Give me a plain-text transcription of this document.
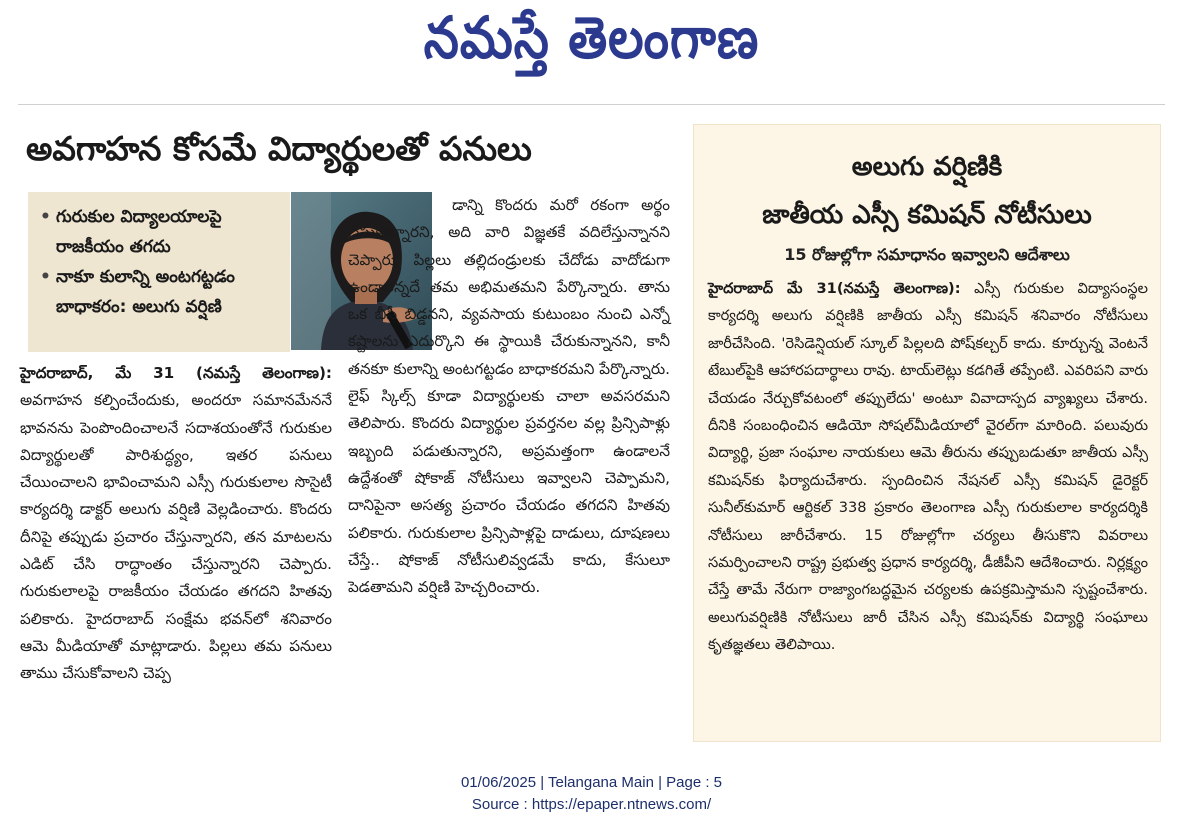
నమస్తే తెలంగాణ
అవగాహన కోసమే విద్యార్థులతో పనులు
• గురుకుల విద్యాలయాలపై రాజకీయం తగదు
• నాకూ కులాన్ని అంటగట్టడం బాధాకరం: అలుగు వర్షిణి

హైదరాబాద్, మే 31 (నమస్తే తెలంగాణ): అవగాహన కల్పించేందుకు, అందరూ సమానమేననే భావనను పెంపొందించాలనే సదాశయంతోనే గురుకుల విద్యార్థులతో పారిశుద్ధ్యం, ఇతర పనులు చేయించాలని భావించామని ఎస్సీ గురుకులాల సొసైటీ కార్యదర్శి డాక్టర్ అలుగు వర్షిణి వెల్లడించారు. కొందరు దీనిపై తప్పుడు ప్రచారం చేస్తున్నారని, తన మాటలను ఎడిట్ చేసి రాద్ధాంతం చేస్తున్నారని చెప్పారు. గురుకులాలపై రాజకీయం చేయడం తగదని హితవు పలికారు. హైదరాబాద్ సంక్షేమ భవన్‌లో శనివారం ఆమె మీడియాతో మాట్లాడారు. పిల్లలు తమ పనులు తాము చేసుకోవాలని చెప్ప

డాన్ని కొందరు మరో రకంగా అర్థం చేసుకున్నారని, అది వారి విజ్ఞతకే వదిలేస్తున్నానని చెప్పారు. పిల్లలు తల్లిదండ్రులకు చేదోడు వాదోడుగా ఉండాలన్నదే తమ అభిమతమని పేర్కొన్నారు. తాను ఒక బీసీ బిడ్డనని, వ్యవసాయ కుటుంబం నుంచి ఎన్నో కష్టాలను ఎదుర్కొని ఈ స్థాయికి చేరుకున్నానని, కానీ తనకూ కులాన్ని అంటగట్టడం బాధాకరమని పేర్కొన్నారు. లైఫ్ స్కిల్స్ కూడా విద్యార్థులకు చాలా అవసరమని తెలిపారు. కొందరు విద్యార్థుల ప్రవర్తనల వల్ల ప్రిన్సిపాళ్లు ఇబ్బంది పడుతున్నారని, అప్రమత్తంగా ఉండాలనే ఉద్దేశంతో షోకాజ్ నోటీసులు ఇవ్వాలని చెప్పామని, దానిపైనా అసత్య ప్రచారం చేయడం తగదని హితవు పలికారు. గురుకులాల ప్రిన్సిపాళ్లపై దాడులు, దూషణలు చేస్తే.. షోకాజ్ నోటీసులివ్వడమే కాదు, కేసులూ పెడతామని వర్షిణి హెచ్చరించారు.

అలుగు వర్షిణికి
జాతీయ ఎస్సీ కమిషన్ నోటీసులు
15 రోజుల్లోగా సమాధానం ఇవ్వాలని ఆదేశాలు

హైదరాబాద్ మే 31(నమస్తే తెలంగాణ): ఎస్సీ గురుకుల విద్యాసంస్థల కార్యదర్శి అలుగు వర్షిణికి జాతీయ ఎస్సీ కమిషన్ శనివారం నోటీసులు జారీచేసింది. 'రెసిడెన్షియల్ స్కూల్ పిల్లలది పోష్‌కల్చర్ కాదు. కూర్చున్న వెంటనే టేబుల్‌పైకి ఆహారపదార్థాలు రావు. టాయ్‌లెట్లు కడగితే తప్పేంటి. ఎవరిపని వారు చేయడం నేర్చుకోవటంలో తప్పులేదు' అంటూ వివాదాస్పద వ్యాఖ్యలు చేశారు. దీనికి సంబంధించిన ఆడియో సోషల్‌మీడియాలో వైరల్‌గా మారింది. పలువురు విద్యార్థి, ప్రజా సంఘాల నాయకులు ఆమె తీరును తప్పుబడుతూ జాతీయ ఎస్సీ కమిషన్‌కు ఫిర్యాదుచేశారు. స్పందించిన నేషనల్ ఎస్సీ కమిషన్ డైరెక్టర్ సునీల్‌కుమార్ ఆర్టికల్ 338 ప్రకారం తెలంగాణ ఎస్సీ గురుకులాల కార్యదర్శికి నోటీసులు జారీచేశారు. 15 రోజుల్లోగా చర్యలు తీసుకొని వివరాలు సమర్పించాలని రాష్ట్ర ప్రభుత్వ ప్రధాన కార్యదర్శి, డీజీపీని ఆదేశించారు. నిర్లక్ష్యం చేస్తే తామే నేరుగా రాజ్యాంగబద్ధమైన చర్యలకు ఉపక్రమిస్తామని స్పష్టంచేశారు. అలుగువర్షిణికి నోటీసులు జారీ చేసిన ఎస్సీ కమిషన్‌కు విద్యార్థి సంఘాలు కృతజ్ఞతలు తెలిపాయి.

01/06/2025 | Telangana Main | Page : 5
Source : https://epaper.ntnews.com/
